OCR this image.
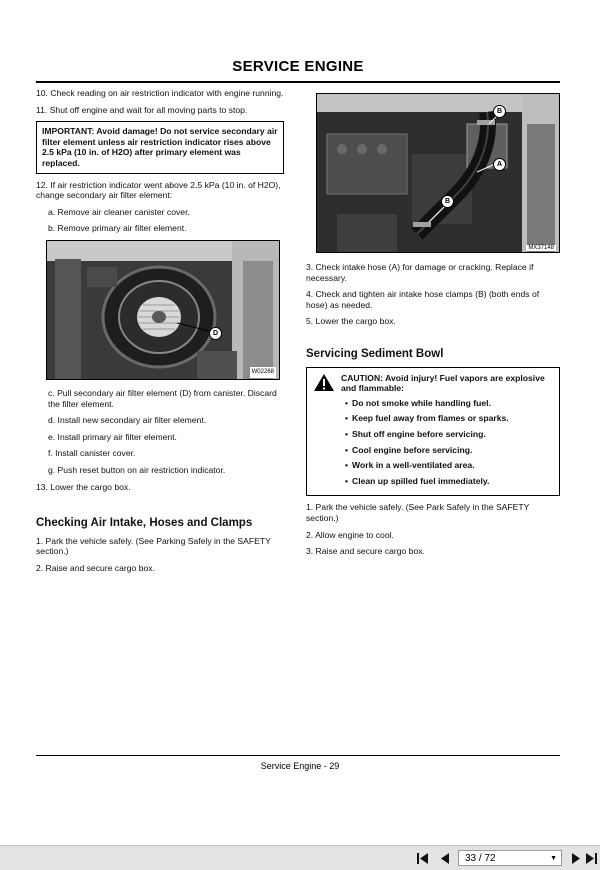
SERVICE ENGINE

10. Check reading on air restriction indicator with engine running.

11. Shut off engine and wait for all moving parts to stop.

IMPORTANT: Avoid damage! Do not service secondary air filter element unless air restriction indicator rises above 2.5 kPa (10 in. of H2O) after primary element was replaced.

12. If air restriction indicator went above 2.5 kPa (10 in. of H2O), change secondary air filter element:

a. Remove air cleaner canister cover.

b. Remove primary air filter element.

D
W02268

c. Pull secondary air filter element (D) from canister. Discard the filter element.

d. Install new secondary air filter element.

e. Install primary air filter element.

f. Install canister cover.

g. Push reset button on air restriction indicator.

13. Lower the cargo box.

Checking Air Intake, Hoses and Clamps

1. Park the vehicle safely. (See Parking Safely in the SAFETY section.)

2. Raise and secure cargo box.

B
A
B
MX37148

3. Check intake hose (A) for damage or cracking. Replace if necessary.

4. Check and tighten air intake hose clamps (B) (both ends of hose) as needed.

5. Lower the cargo box.

Servicing Sediment Bowl
CAUTION: Avoid injury! Fuel vapors are explosive and flammable:
• Do not smoke while handling fuel.
• Keep fuel away from flames or sparks.
• Shut off engine before servicing.
• Cool engine before servicing.
• Work in a well-ventilated area.
• Clean up spilled fuel immediately.

1. Park the vehicle safely. (See Park Safely in the SAFETY section.)

2. Allow engine to cool.

3. Raise and secure cargo box.

Service Engine - 29
33 / 72	▼
